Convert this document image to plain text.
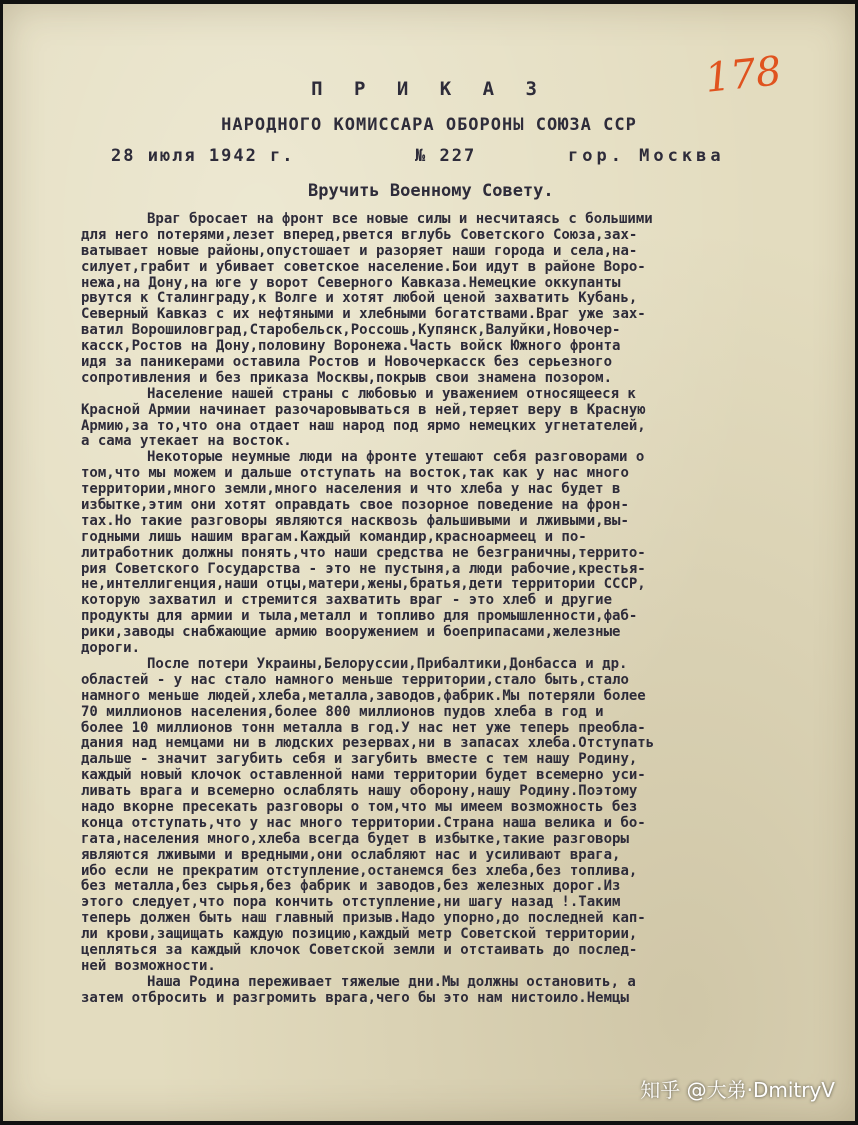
178
П Р И К А З
НАРОДНОГО КОМИССАРА ОБОРОНЫ СОЮЗА ССР
28 июля 1942 г.	№ 227	гор. Москва
Вручить Военному Совету.
Враг бросает на фронт все новые силы и несчитаясь с большими
для него потерями,лезет вперед,рвется вглубь Советского Союза,зах-
ватывает новые районы,опустошает и разоряет наши города и села,на-
силует,грабит и убивает советское население.Бои идут в районе Воро-
нежа,на Дону,на юге у ворот Северного Кавказа.Немецкие оккупанты
рвутся к Сталинграду,к Волге и хотят любой ценой захватить Кубань,
Северный Кавказ с их нефтяными и хлебными богатствами.Враг уже зах-
ватил Ворошиловград,Старобельск,Россошь,Купянск,Валуйки,Новочер-
касск,Ростов на Дону,половину Воронежа.Часть войск Южного фронта
идя за паникерами оставила Ростов и Новочеркасск без серьезного
сопротивления и без приказа Москвы,покрыв свои знамена позором.
Население нашей страны с любовью и уважением относящееся к
Красной Армии начинает разочаровываться в ней,теряет веру в Красную
Армию,за то,что она отдает наш народ под ярмо немецких угнетателей,
а сама утекает на восток.
Некоторые неумные люди на фронте утешают себя разговорами о
том,что мы можем и дальше отступать на восток,так как у нас много
территории,много земли,много населения и что хлеба у нас будет в
избытке,этим они хотят оправдать свое позорное поведение на фрон-
тах.Но такие разговоры являются насквозь фальшивыми и лживыми,вы-
годными лишь нашим врагам.Каждый командир,красноармеец и по-
литработник должны понять,что наши средства не безграничны,террито-
рия Советского Государства - это не пустыня,а люди рабочие,крестья-
не,интеллигенция,наши отцы,матери,жены,братья,дети территории СССР,
которую захватил и стремится захватить враг - это хлеб и другие
продукты для армии и тыла,металл и топливо для промышленности,фаб-
рики,заводы снабжающие армию вооружением и боеприпасами,железные
дороги.
После потери Украины,Белоруссии,Прибалтики,Донбасса и др.
областей - у нас стало намного меньше территории,стало быть,стало
намного меньше людей,хлеба,металла,заводов,фабрик.Мы потеряли более
70 миллионов населения,более 800 миллионов пудов хлеба в год и
более 10 миллионов тонн металла в год.У нас нет уже теперь преобла-
дания над немцами ни в людских резервах,ни в запасах хлеба.Отступать
дальше - значит загубить себя и загубить вместе с тем нашу Родину,
каждый новый клочок оставленной нами территории будет всемерно уси-
ливать врага и всемерно ослаблять нашу оборону,нашу Родину.Поэтому
надо вкорне пресекать разговоры о том,что мы имеем возможность без
конца отступать,что у нас много территории.Страна наша велика и бо-
гата,населения много,хлеба всегда будет в избытке,такие разговоры
являются лживыми и вредными,они ослабляют нас и усиливают врага,
ибо если не прекратим отступление,останемся без хлеба,без топлива,
без металла,без сырья,без фабрик и заводов,без железных дорог.Из
этого следует,что пора кончить отступление,ни шагу назад !.Таким
теперь должен быть наш главный призыв.Надо упорно,до последней кап-
ли крови,защищать каждую позицию,каждый метр Советской территории,
цепляться за каждый клочок Советской земли и отстаивать до послед-
ней возможности.
Наша Родина переживает тяжелые дни.Мы должны остановить, а
затем отбросить и разгромить врага,чего бы это нам нистоило.Немцы
知乎 @大弟·DmitryV
